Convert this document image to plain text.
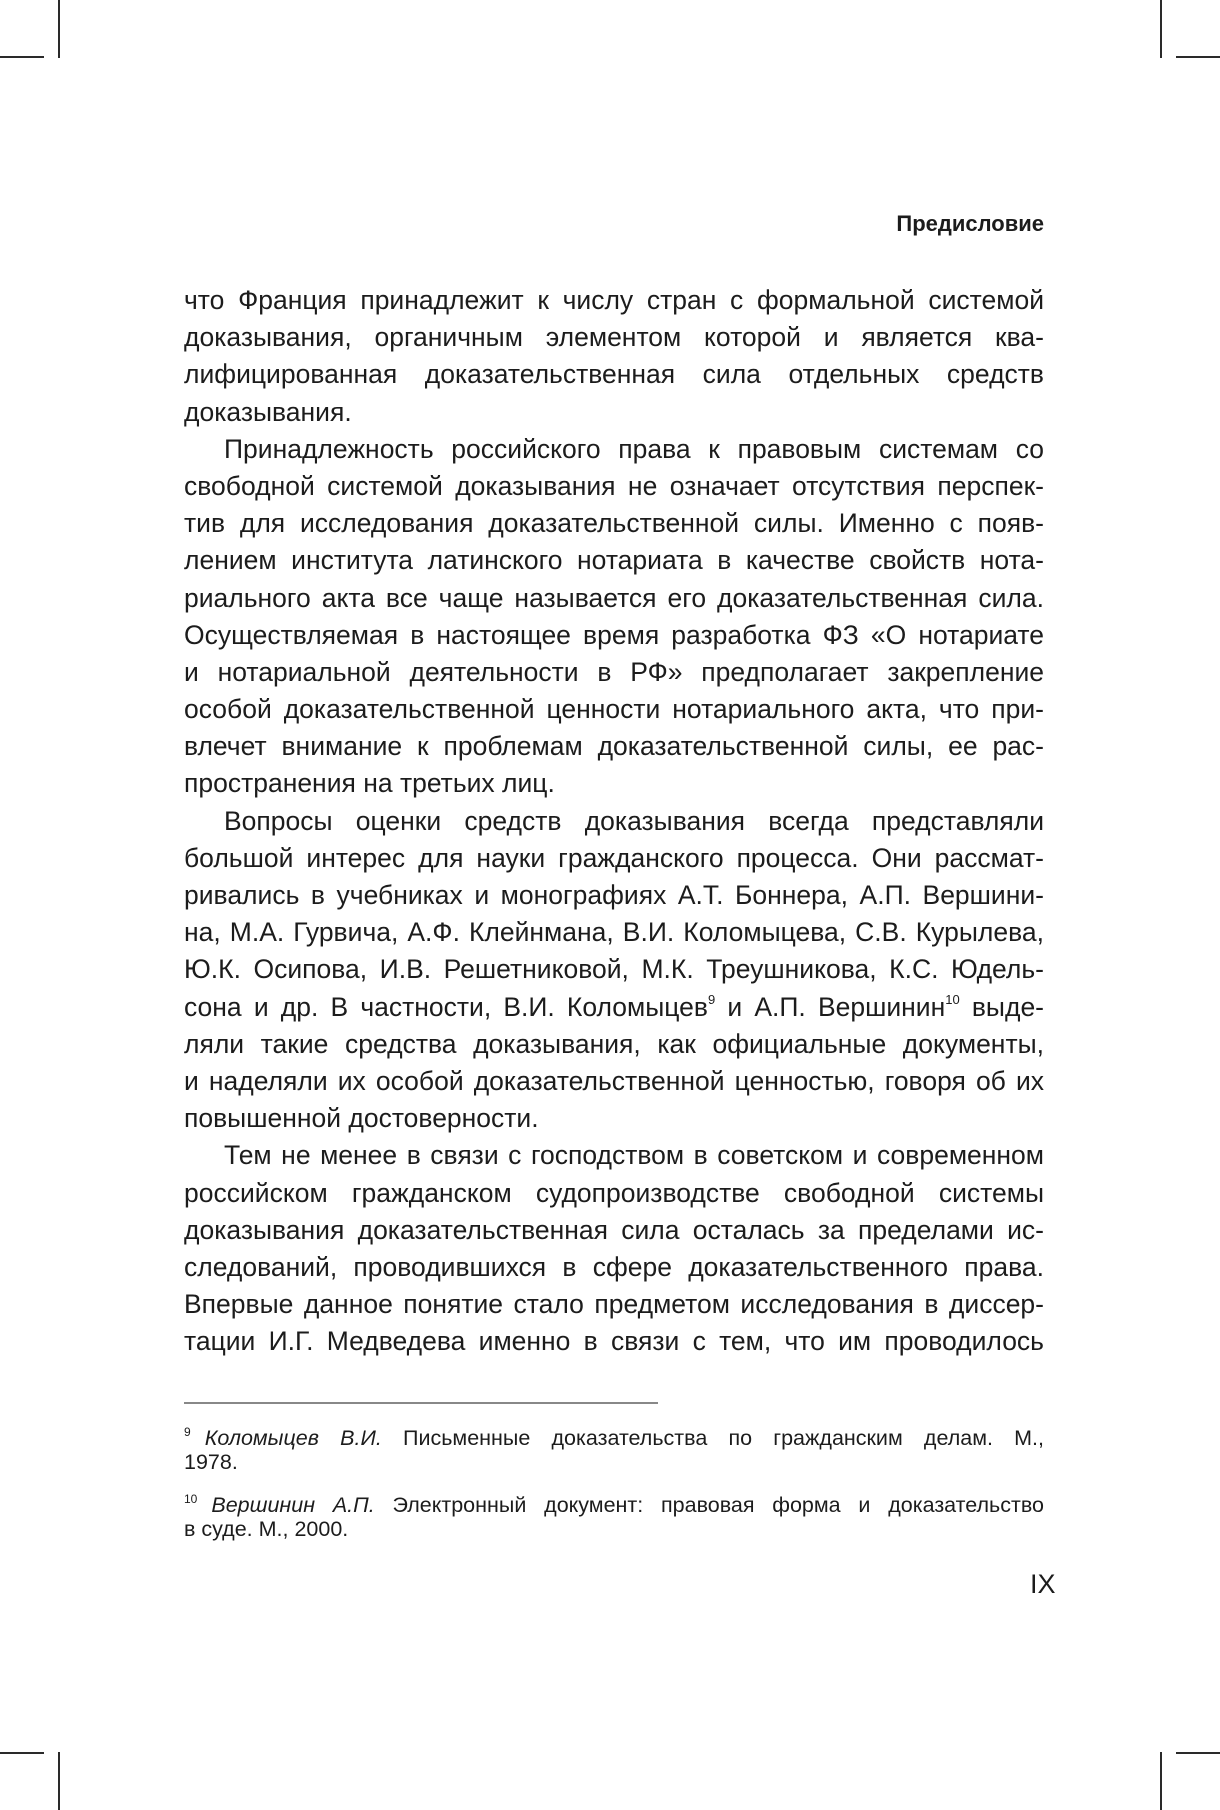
Предисловие
что Франция принадлежит к числу стран с формальной системой
доказывания, органичным элементом которой и является ква-
лифицированная доказательственная сила отдельных средств
доказывания.
Принадлежность российского права к правовым системам со
свободной системой доказывания не означает отсутствия перспек-
тив для исследования доказательственной силы. Именно с появ-
лением института латинского нотариата в качестве свойств нота-
риального акта все чаще называется его доказательственная сила.
Осуществляемая в настоящее время разработка ФЗ «О нотариате
и нотариальной деятельности в РФ» предполагает закрепление
особой доказательственной ценности нотариального акта, что при-
влечет внимание к проблемам доказательственной силы, ее рас-
пространения на третьих лиц.
Вопросы оценки средств доказывания всегда представляли
большой интерес для науки гражданского процесса. Они рассмат-
ривались в учебниках и монографиях А.Т. Боннера, А.П. Вершини-
на, М.А. Гурвича, А.Ф. Клейнмана, В.И. Коломыцева, С.В. Курылева,
Ю.К. Осипова, И.В. Решетниковой, М.К. Треушникова, К.С. Юдель-
сона и др. В частности, В.И. Коломыцев$^9$ и А.П. Вершинин$^{10}$ выде-
ляли такие средства доказывания, как официальные документы,
и наделяли их особой доказательственной ценностью, говоря об их
повышенной достоверности.
Тем не менее в связи с господством в советском и современном
российском гражданском судопроизводстве свободной системы
доказывания доказательственная сила осталась за пределами ис-
следований, проводившихся в сфере доказательственного права.
Впервые данное понятие стало предметом исследования в диссер-
тации И.Г. Медведева именно в связи с тем, что им проводилось
$^9$ Коломыцев В.И. Письменные доказательства по гражданским делам. М.,
1978.
$^{10}$ Вершинин А.П. Электронный документ: правовая форма и доказательство
в суде. М., 2000.
IX
